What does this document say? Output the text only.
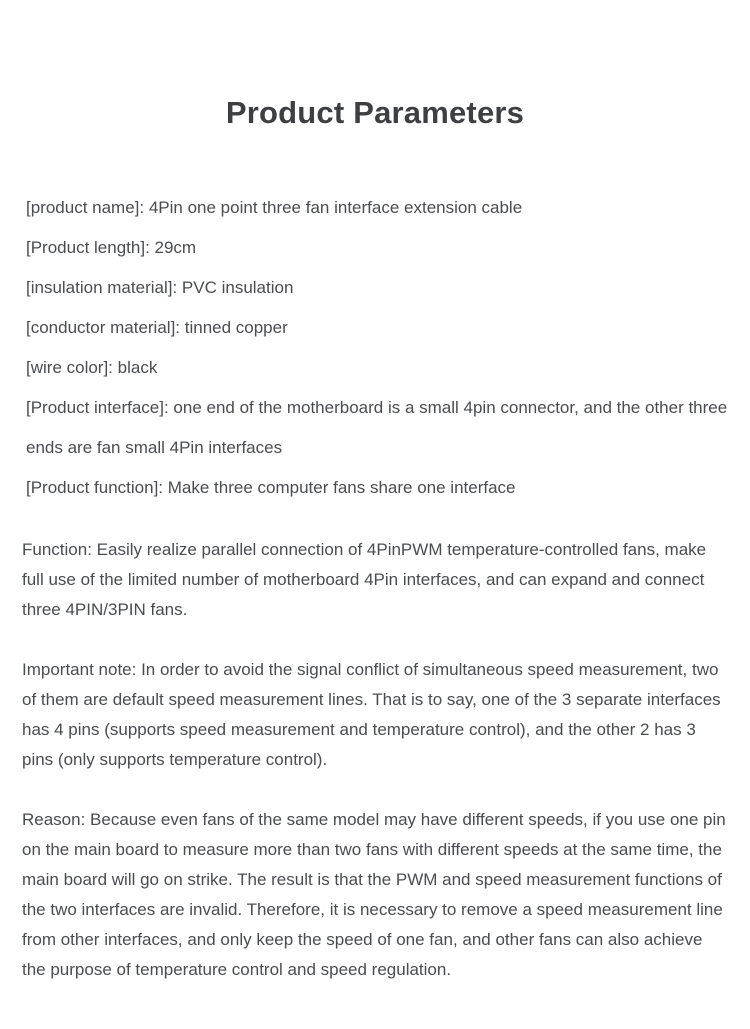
Product Parameters

[product name]: 4Pin one point three fan interface extension cable

[Product length]: 29cm

[insulation material]: PVC insulation

[conductor material]: tinned copper

[wire color]: black

[Product interface]: one end of the motherboard is a small 4pin connector, and the other three ends are fan small 4Pin interfaces

[Product function]: Make three computer fans share one interface

Function: Easily realize parallel connection of 4PinPWM temperature-controlled fans, make full use of the limited number of motherboard 4Pin interfaces, and can expand and connect three 4PIN/3PIN fans.

Important note: In order to avoid the signal conflict of simultaneous speed measurement, two of them are default speed measurement lines. That is to say, one of the 3 separate interfaces has 4 pins (supports speed measurement and temperature control), and the other 2 has 3 pins (only supports temperature control).

Reason: Because even fans of the same model may have different speeds, if you use one pin on the main board to measure more than two fans with different speeds at the same time, the main board will go on strike. The result is that the PWM and speed measurement functions of the two interfaces are invalid. Therefore, it is necessary to remove a speed measurement line from other interfaces, and only keep the speed of one fan, and other fans can also achieve the purpose of temperature control and speed regulation.
